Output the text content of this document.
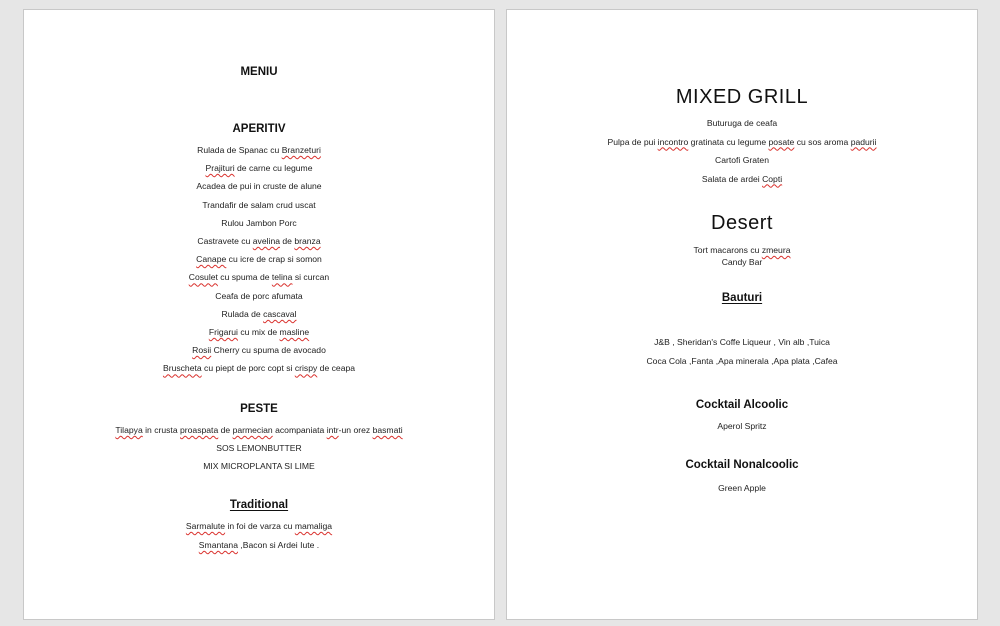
MENIU
APERITIV
PESTE
Traditional
Rulada de Spanac cu Branzeturi
Prajituri de carne cu legume
Acadea de pui in cruste de alune
Trandafir de salam crud uscat
Rulou Jambon Porc
Castravete cu avelina de branza
Canape cu icre de crap si somon
Cosulet cu spuma de telina si curcan
Ceafa de porc afumata
Rulada de cascaval
Frigarui cu mix de masline
Rosii Cherry cu spuma de avocado
Bruscheta cu piept de porc copt si crispy de ceapa
Tilapya in crusta proaspata de parmecian acompaniata intr-un orez basmati
SOS LEMONBUTTER
MIX MICROPLANTA SI LIME
Sarmalute in foi de varza cu mamaliga
Smantana ,Bacon si Ardei Iute .
MIXED GRILL
Desert
Bauturi
Cocktail Alcoolic
Cocktail Nonalcoolic
Buturuga de ceafa
Pulpa de pui incontro gratinata cu legume posate cu sos aroma padurii
Cartofi Graten
Salata de ardei Copti
Tort macarons cu zmeura
Candy Bar
J&B , Sheridan's Coffe Liqueur , Vin alb ,Tuica
Coca Cola ,Fanta ,Apa minerala ,Apa plata ,Cafea
Aperol Spritz
Green Apple
